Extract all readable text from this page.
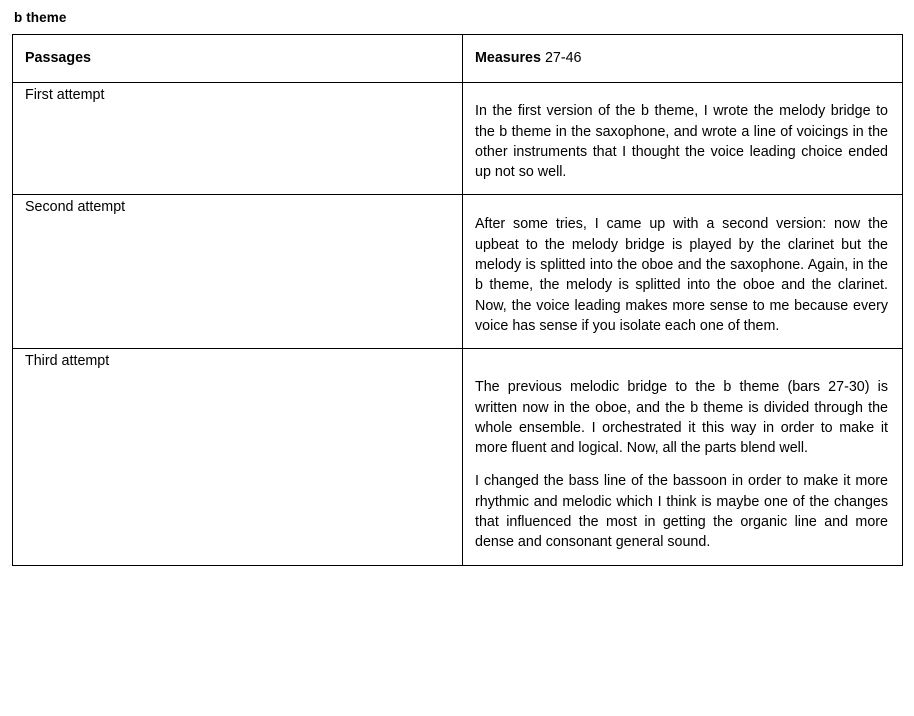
b theme
Passages	Measures 27-46
First attempt	In the first version of the b theme, I wrote the melody bridge to the b theme in the saxophone, and wrote a line of voicings in the other instruments that I thought the voice leading choice ended up not so well.

Second attempt	After some tries, I came up with a second version: now the upbeat to the melody bridge is played by the clarinet but the melody is splitted into the oboe and the saxophone. Again, in the b theme, the melody is splitted into the oboe and the clarinet. Now, the voice leading makes more sense to me because every voice has sense if you isolate each one of them.

Third attempt	The previous melodic bridge to the b theme (bars 27-30) is written now in the oboe, and the b theme is divided through the whole ensemble. I orchestrated it this way in order to make it more fluent and logical. Now, all the parts blend well.

I changed the bass line of the bassoon in order to make it more rhythmic and melodic which I think is maybe one of the changes that influenced the most in getting the organic line and more dense and consonant general sound.
